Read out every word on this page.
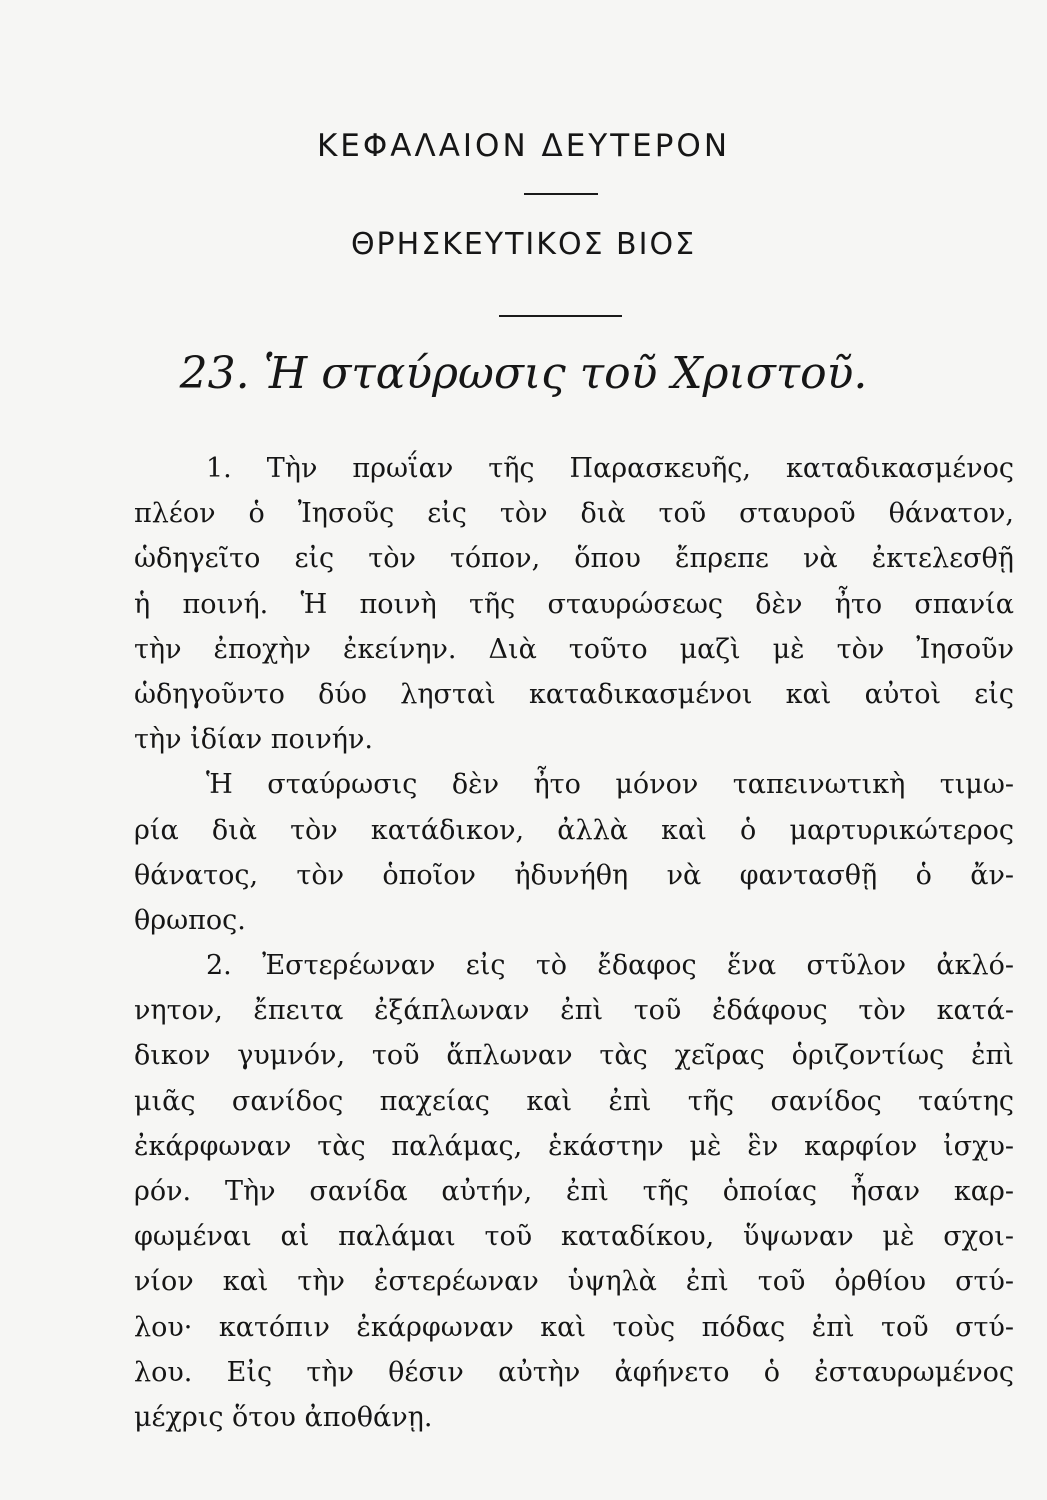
ΚΕΦΑΛΑΙΟΝ ΔΕΥΤΕΡΟΝ
ΘΡΗΣΚΕΥΤΙΚΟΣ ΒΙΟΣ
23. Ἡ σταύρωσις τοῦ Χριστοῦ.
1. Τὴν πρωΐαν τῆς Παρασκευῆς, καταδικασμένος
πλέον ὁ Ἰησοῦς εἰς τὸν διὰ τοῦ σταυροῦ θάνατον,
ὡδηγεῖτο εἰς τὸν τόπον, ὅπου ἔπρεπε νὰ ἐκτελεσθῇ
ἡ ποινή. Ἡ ποινὴ τῆς σταυρώσεως δὲν ἦτο σπανία
τὴν ἐποχὴν ἐκείνην. Διὰ τοῦτο μαζὶ μὲ τὸν Ἰησοῦν
ὡδηγοῦντο δύο λησταὶ καταδικασμένοι καὶ αὐτοὶ εἰς
τὴν ἰδίαν ποινήν.
Ἡ σταύρωσις δὲν ἦτο μόνον ταπεινωτικὴ τιμω-
ρία διὰ τὸν κατάδικον, ἀλλὰ καὶ ὁ μαρτυρικώτερος
θάνατος, τὸν ὁποῖον ἠδυνήθη νὰ φαντασθῇ ὁ ἄν-
θρωπος.
2. Ἐστερέωναν εἰς τὸ ἔδαφος ἕνα στῦλον ἀκλό-
νητον, ἔπειτα ἐξάπλωναν ἐπὶ τοῦ ἐδάφους τὸν κατά-
δικον γυμνόν, τοῦ ἅπλωναν τὰς χεῖρας ὁριζοντίως ἐπὶ
μιᾶς σανίδος παχείας καὶ ἐπὶ τῆς σανίδος ταύτης
ἐκάρφωναν τὰς παλάμας, ἑκάστην μὲ ἓν καρφίον ἰσχυ-
ρόν. Τὴν σανίδα αὐτήν, ἐπὶ τῆς ὁποίας ἦσαν καρ-
φωμέναι αἱ παλάμαι τοῦ καταδίκου, ὕψωναν μὲ σχοι-
νίον καὶ τὴν ἐστερέωναν ὑψηλὰ ἐπὶ τοῦ ὀρθίου στύ-
λου· κατόπιν ἐκάρφωναν καὶ τοὺς πόδας ἐπὶ τοῦ στύ-
λου. Εἰς τὴν θέσιν αὐτὴν ἀφήνετο ὁ ἐσταυρωμένος
μέχρις ὅτου ἀποθάνῃ.
